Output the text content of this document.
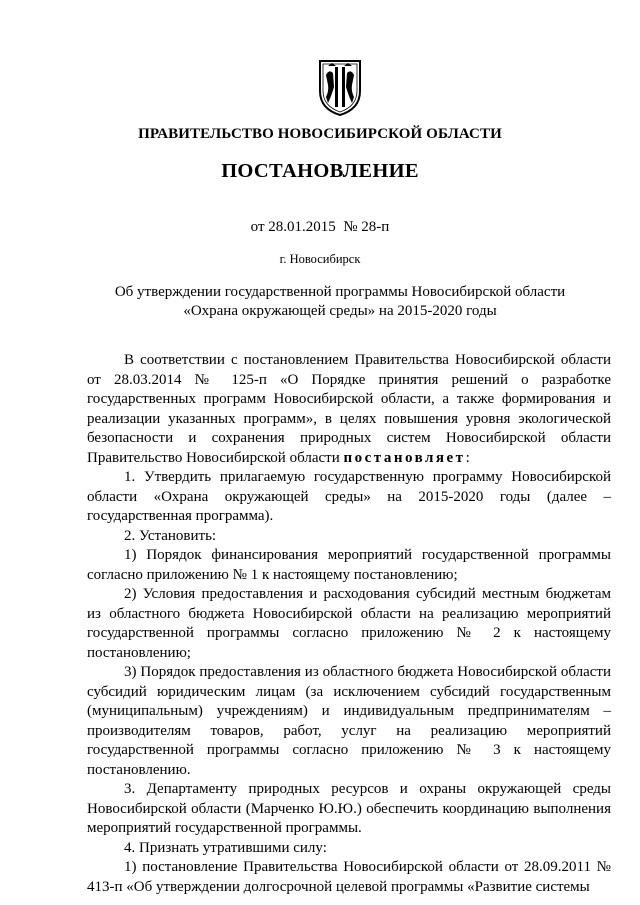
ПРАВИТЕЛЬСТВО НОВОСИБИРСКОЙ ОБЛАСТИ
ПОСТАНОВЛЕНИЕ
от 28.01.2015  № 28-п
г. Новосибирск
Об утверждении государственной программы Новосибирской области
«Охрана окружающей среды» на 2015-2020 годы

В соответствии с постановлением Правительства Новосибирской области от 28.03.2014 № 125-п «О Порядке принятия решений о разработке государственных программ Новосибирской области, а также формирования и реализации указанных программ», в целях повышения уровня экологической безопасности и сохранения природных систем Новосибирской области Правительство Новосибирской области постановляет:

1. Утвердить прилагаемую государственную программу Новосибирской области «Охрана окружающей среды» на 2015-2020 годы (далее – государственная программа).

2. Установить:

1) Порядок финансирования мероприятий государственной программы согласно приложению № 1 к настоящему постановлению;

2) Условия предоставления и расходования субсидий местным бюджетам из областного бюджета Новосибирской области на реализацию мероприятий государственной программы согласно приложению № 2 к настоящему постановлению;

3) Порядок предоставления из областного бюджета Новосибирской области субсидий юридическим лицам (за исключением субсидий государственным (муниципальным) учреждениям) и индивидуальным предпринимателям – производителям товаров, работ, услуг на реализацию мероприятий государственной программы согласно приложению № 3 к настоящему постановлению.

3. Департаменту природных ресурсов и охраны окружающей среды Новосибирской области (Марченко Ю.Ю.) обеспечить координацию выполнения мероприятий государственной программы.

4. Признать утратившими силу:

1) постановление Правительства Новосибирской области от 28.09.2011 № 413-п «Об утверждении долгосрочной целевой программы «Развитие системы
